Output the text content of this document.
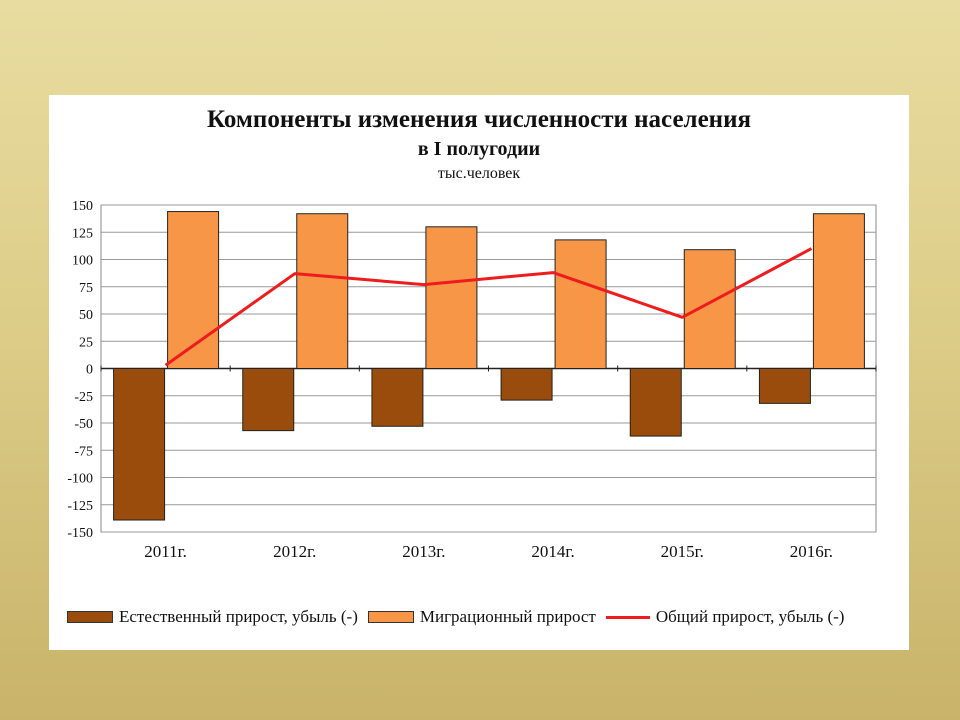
Компоненты изменения численности населения
в I полугодии
тыс.человек
150
125
100
75
50
25
0
-25
-50
-75
-100
-125
-150
2011г.	2012г.	2013г.	2014г.	2015г.	2016г.
Естественный прирост, убыль (-)	Миграционный прирост	Общий прирост, убыль (-)
